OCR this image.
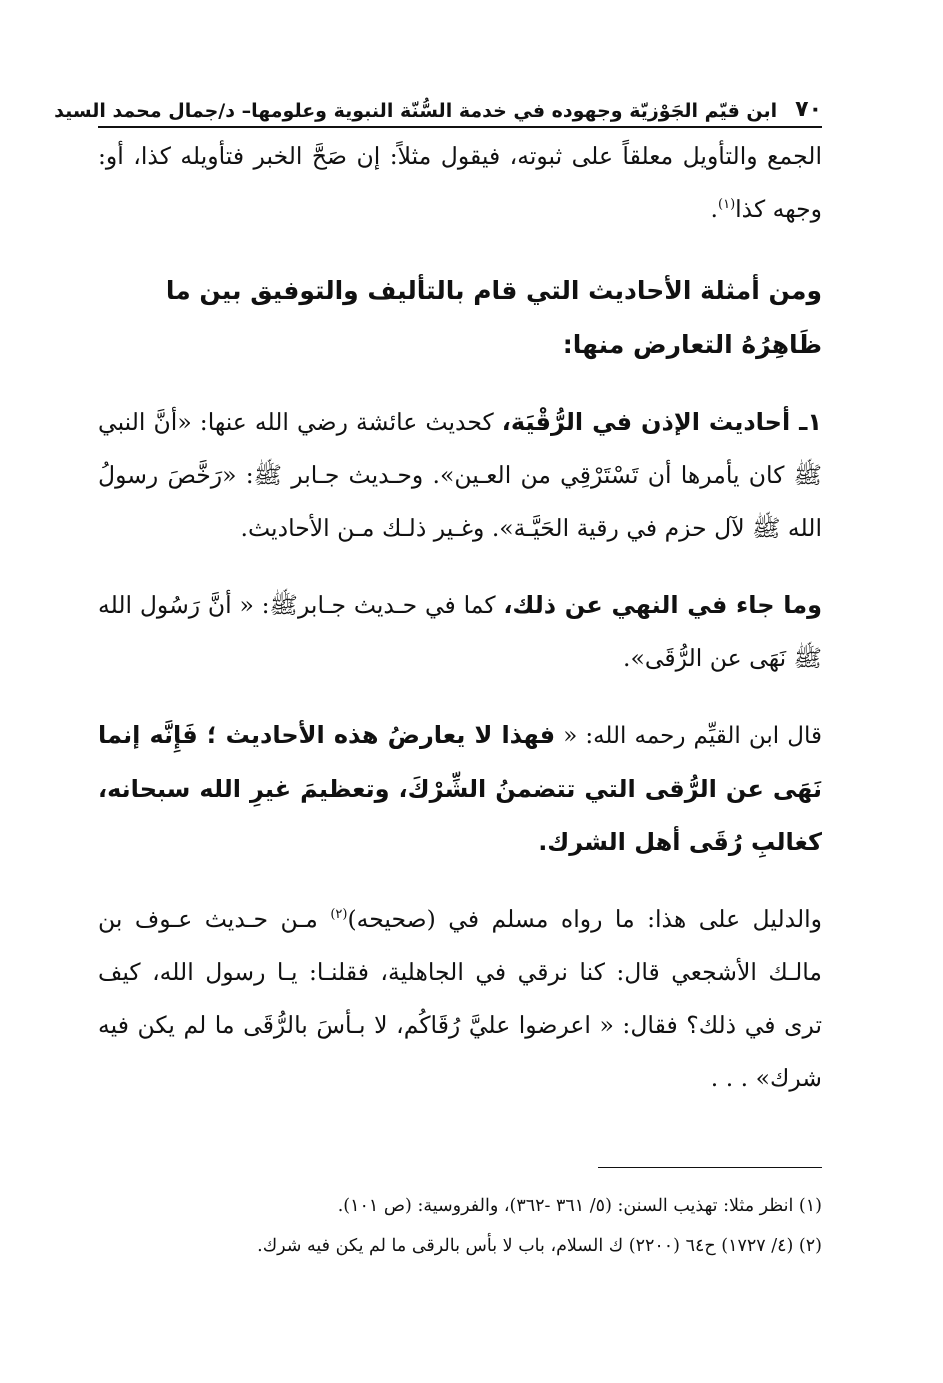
٧٠
ابن قيّم الجَوْزيّة وجهوده في خدمة السُّنّة النبوية وعلومها– د/جمال محمد السيد

الجمع والتأويل معلقاً على ثبوته، فيقول مثلاً: إن صَحَّ الخبر فتأويله كذا، أو: وجهه كذا$^{(١)}$.

ومن أمثلة الأحاديث التي قام بالتأليف والتوفيق بين ما ظَاهِرُهُ التعارض منها:

١ـ أحاديث الإذن في الرُّقْيَة، كحديث عائشة رضي الله عنها: «أنَّ النبي ﷺ كان يأمرها أن تَسْتَرْقِي من العـين». وحـديث جـابر ﷺ: «رَخَّصَ رسولُ الله ﷺ لآل حزم في رقية الحَيَّـة». وغـير ذلـك مـن الأحاديث.

وما جاء في النهي عن ذلك، كما في حـديث جـابرﷺ: « أنَّ رَسُول الله ﷺ نَهَى عن الرُّقَى».

قال ابن القيِّم رحمه الله: « فهذا لا يعارضُ هذه الأحاديث ؛ فَإِنَّه إنما نَهَى عن الرُّقى التي تتضمنُ الشِّرْكَ، وتعظيمَ غيرِ الله سبحانه، كغالبِ رُقَى أهل الشرك.

والدليل على هذا: ما رواه مسلم في (صحيحه)$^{(٢)}$ مـن حـديث عـوف بن مالـك الأشجعي قال: كنا نرقي في الجاهلية، فقلنـا: يـا رسول الله، كيف ترى في ذلك؟ فقال: « اعرضوا عليَّ رُقَاكُم، لا بـأسَ بالرُّقَى ما لم يكن فيه شرك» . . .

(١) انظر مثلا: تهذيب السنن: (٥/ ٣٦١ -٣٦٢)، والفروسية: (ص ١٠١).

(٢) (٤/ ١٧٢٧) ح٦٤ (٢٢٠٠) ك السلام، باب لا بأس بالرقى ما لم يكن فيه شرك.
